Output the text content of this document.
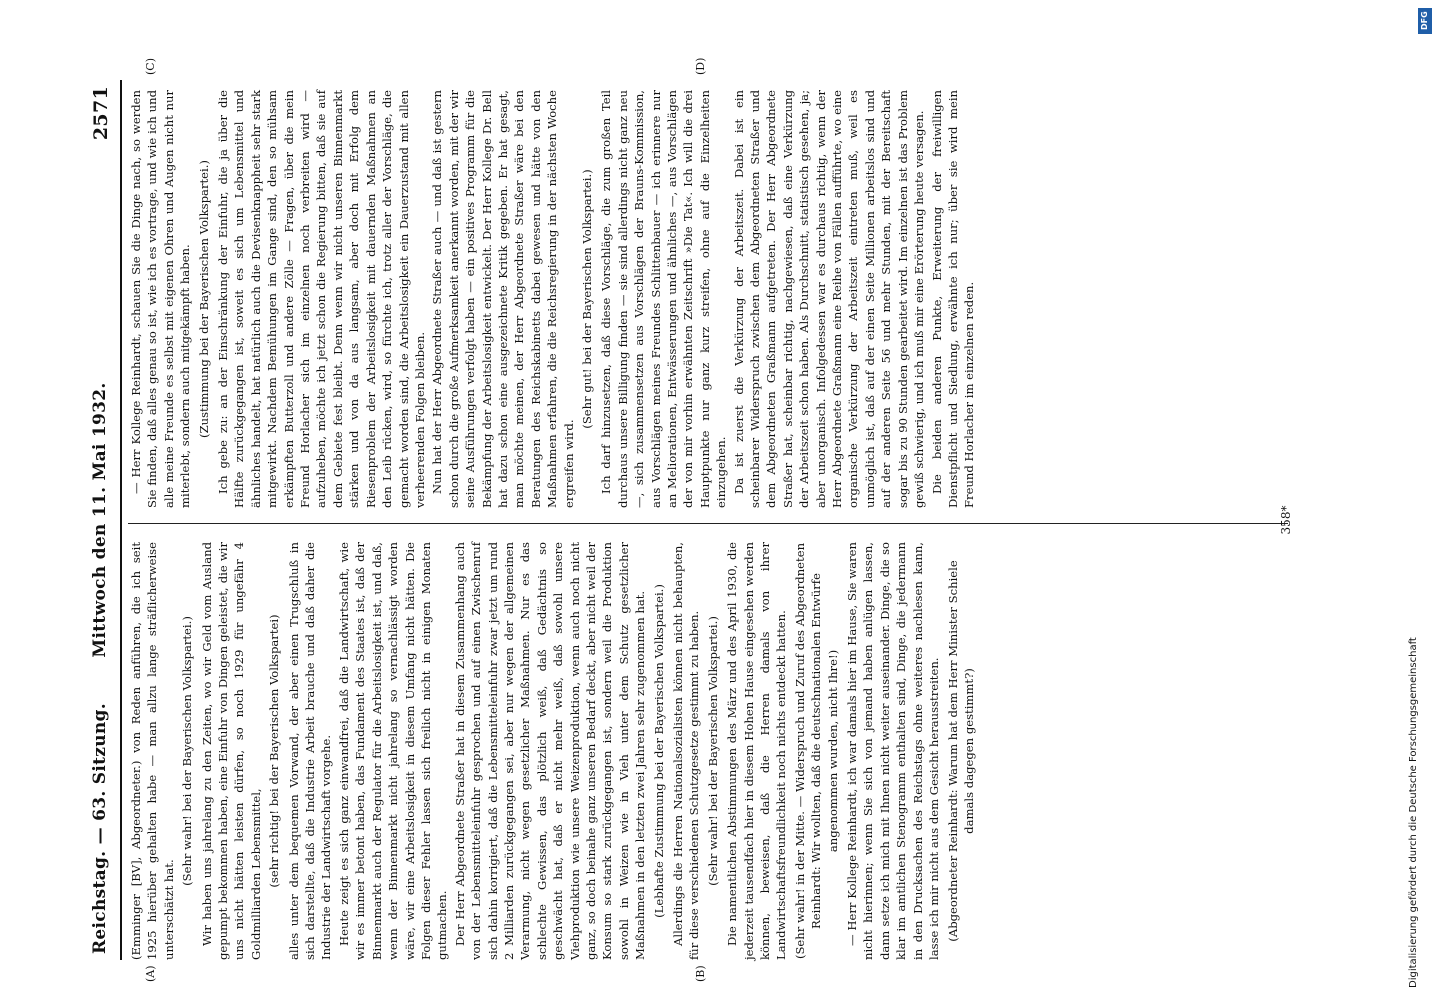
Reichstag. — 63. Sitzung.
Mittwoch den 11. Mai 1932.
2571

(Emminger [BV], Abgeordneter.) von Reden anführen, die ich seit 1925 hierüber gehalten habe — man allzu lange sträflicherweise unterschätzt hat.

(Sehr wahr! bei der Bayerischen Volkspartei.) Wir haben uns jahrelang zu den Zeiten, wo wir Geld vom Ausland gepumpt bekommen haben, eine Einfuhr von Dingen geleistet, die wir uns nicht hätten leisten dürfen, so noch 1929 für ungefähr 4 Goldmilliarden Lebensmittel, (sehr richtig! bei der Bayerischen Volkspartei) alles unter dem bequemen Vorwand, der aber einen Trugschluß in sich darstellte, daß die Industrie Arbeit brauche und daß daher die Industrie der Landwirtschaft vorgehe. Heute zeigt es sich ganz einwandfrei, daß die Landwirtschaft, wie wir es immer betont haben, das Fundament des Staates ist, daß der Binnenmarkt auch der Regulator für die Arbeitslosigkeit ist, und daß, wenn der Binnenmarkt nicht jahrelang so vernachlässigt worden wäre, wir eine Arbeitslosigkeit in diesem Umfang nicht hätten. Die Folgen dieser Fehler lassen sich freilich nicht in einigen Monaten gutmachen. Der Herr Abgeordnete Straßer hat in diesem Zusammenhang auch von der Lebensmitteleinfuhr gesprochen und auf einen Zwischenruf sich dahin korrigiert, daß die Lebensmitteleinfuhr zwar jetzt um rund 2 Milliarden zurückgegangen sei, aber nur wegen der allgemeinen Verarmung, nicht wegen gesetzlicher Maßnahmen. Nur es das schlechte Gewissen, das plötzlich weiß, daß Gedächtnis so geschwächt hat, daß er nicht mehr weiß, daß sowohl unsere Viehproduktion wie unsere Weizenproduktion, wenn auch noch nicht ganz, so doch beinahe ganz unseren Bedarf deckt, aber nicht weil der Konsum so stark zurückgegangen ist, sondern weil die Produktion sowohl in Weizen wie in Vieh unter dem Schutz gesetzlicher Maßnahmen in den letzten zwei Jahren sehr zugenommen hat. (Lebhafte Zustimmung bei der Bayerischen Volkspartei.) Allerdings die Herren Nationalsozialisten können nicht behaupten, für diese verschiedenen Schutzgesetze gestimmt zu haben. (Sehr wahr! bei der Bayerischen Volkspartei.) Die namentlichen Abstimmungen des März und des April 1930, die jederzeit tausendfach hier in diesem Hohen Hause eingesehen werden können, beweisen, daß die Herren damals von ihrer Landwirtschaftsfreundlichkeit noch nichts entdeckt hatten. (Sehr wahr! in der Mitte. — Widerspruch und Zuruf des Abgeordneten Reinhardt: Wir wollten, daß die deutschnationalen Entwürfe angenommen wurden, nicht Ihre!) — Herr Kollege Reinhardt, ich war damals hier im Hause, Sie waren nicht hierinnen; wenn Sie sich von jemand haben anlügen lassen, dann setze ich mich mit Ihnen nicht weiter auseinander. Dinge, die so klar im amtlichen Stenogramm enthalten sind, Dinge, die jedermann in den Drucksachen des Reichstags ohne weiteres nachlesen kann, lasse ich mir nicht aus dem Gesicht herausstreiten. (Abgeordneter Reinhardt: Warum hat dem Herr Minister Schiele damals dagegen gestimmt?)

— Herr Kollege Reinhardt, schauen Sie die Dinge nach, so werden Sie finden, daß alles genau so ist, wie ich es vortrage, und wie ich und alle meine Freunde es selbst mit eigenen Ohren und Augen nicht nur miterlebt, sondern auch mitgekämpft haben. (Zustimmung bei der Bayerischen Volkspartei.) Ich gebe zu: an der Einschränkung der Einfuhr, die ja über die Hälfte zurückgegangen ist, soweit es sich um Lebensmittel und ähnliches handelt, hat natürlich auch die Devisenknappheit sehr stark mitgewirkt. Nachdem Bemühungen im Gange sind, den so mühsam erkämpften Butterzoll und andere Zölle — Fragen, über die mein Freund Horlacher sich im einzelnen noch verbreiten wird — aufzuheben, möchte ich jetzt schon die Regierung bitten, daß sie auf dem Gebiete fest bleibt. Denn wenn wir nicht unseren Binnenmarkt stärken und von da aus langsam, aber doch mit Erfolg dem Riesenproblem der Arbeitslosigkeit mit dauernden Maßnahmen an den Leib rücken, wird, so fürchte ich, trotz aller der Vorschläge, die gemacht worden sind, die Arbeitslosigkeit ein Dauerzustand mit allen verheerenden Folgen bleiben. Nun hat der Herr Abgeordnete Straßer auch — und daß ist gestern schon durch die große Aufmerksamkeit anerkannt worden, mit der wir seine Ausführungen verfolgt haben — ein positives Programm für die Bekämpfung der Arbeitslosigkeit entwickelt. Der Herr Kollege Dr. Bell hat dazu schon eine ausgezeichnete Kritik gegeben. Er hat gesagt, man möchte meinen, der Herr Abgeordnete Straßer wäre bei den Beratungen des Reichskabinetts dabei gewesen und hätte von den Maßnahmen erfahren, die die Reichsregierung in der nächsten Woche ergreifen wird.

(Sehr gut! bei der Bayerischen Volkspartei.) Ich darf hinzusetzen, daß diese Vorschläge, die zum großen Teil durchaus unsere Billigung finden — sie sind allerdings nicht ganz neu —, sich zusammensetzen aus Vorschlägen der Brauns-Kommission, aus Vorschlägen meines Freundes Schlittenbauer — ich erinnere nur an Meliorationen, Entwässerungen und ähnliches —, aus Vorschlägen der von mir vorhin erwähnten Zeitschrift »Die Tat«. Ich will die drei Hauptpunkte nur ganz kurz streifen, ohne auf die Einzelheiten einzugehen. Da ist zuerst die Verkürzung der Arbeitszeit. Dabei ist ein scheinbarer Widerspruch zwischen dem Abgeordneten Straßer und dem Abgeordneten Graßmann aufgetreten. Der Herr Abgeordnete Straßer hat, scheinbar richtig, nachgewiesen, daß eine Verkürzung der Arbeitszeit schon haben. Als Durchschnitt, statistisch gesehen, ja; aber unorganisch. Infolgedessen war es durchaus richtig, wenn der Herr Abgeordnete Graßmann eine Reihe von Fällen aufführte, wo eine organische Verkürzung der Arbeitszeit eintreten muß, weil es unmöglich ist, daß auf der einen Seite Millionen arbeitslos sind und auf der anderen Seite 56 und mehr Stunden, mit der Bereitschaft sogar bis zu 90 Stunden gearbeitet wird. Im einzelnen ist das Problem gewiß schwierig, und ich muß mir eine Erörterung heute versagen. Die beiden anderen Punkte, Erweiterung der freiwilligen Dienstpflicht und Siedlung, erwähnte ich nur; über sie wird mein Freund Horlacher im einzelnen reden.

(A)	(B)
(C)	(D)
358*
DFG
Digitalisierung gefördert durch die Deutsche Forschungsgemeinschaft
